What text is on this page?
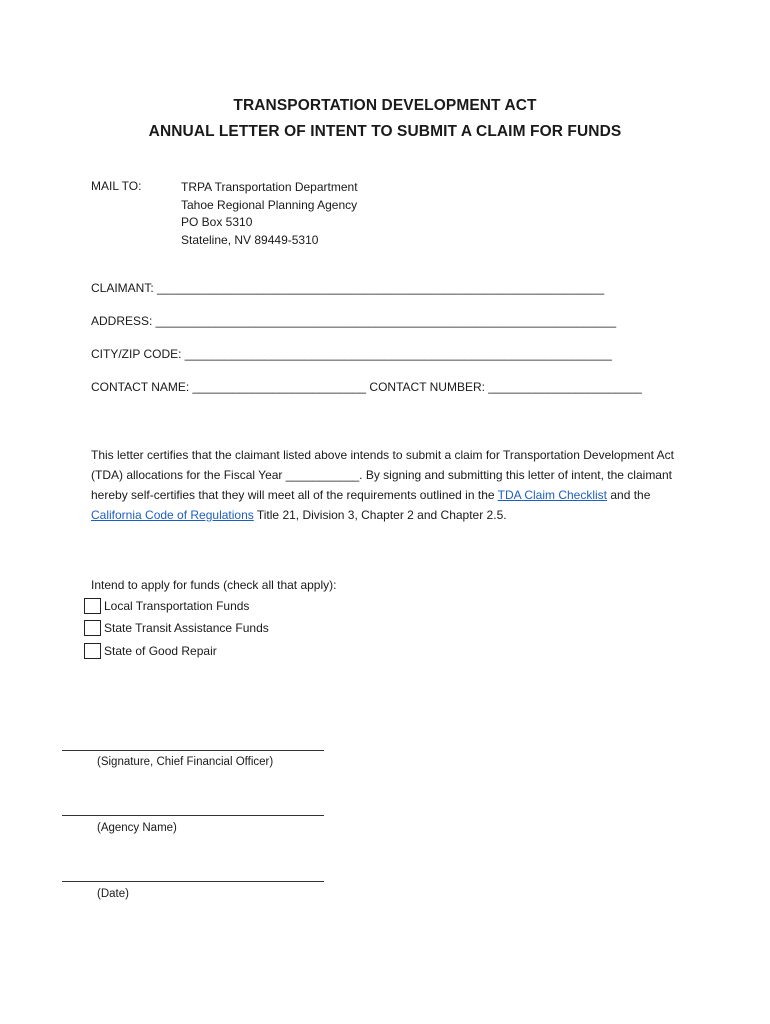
TRANSPORTATION DEVELOPMENT ACT
ANNUAL LETTER OF INTENT TO SUBMIT A CLAIM FOR FUNDS
MAIL TO:	TRPA Transportation Department
Tahoe Regional Planning Agency
PO Box 5310
Stateline, NV 89449-5310
CLAIMANT: ___________________________________________________________________
ADDRESS: _____________________________________________________________________
CITY/ZIP CODE: ________________________________________________________________
CONTACT NAME: __________________________ CONTACT NUMBER: _______________________
This letter certifies that the claimant listed above intends to submit a claim for Transportation Development Act (TDA) allocations for the Fiscal Year ___________. By signing and submitting this letter of intent, the claimant hereby self-certifies that they will meet all of the requirements outlined in the TDA Claim Checklist and the California Code of Regulations Title 21, Division 3, Chapter 2 and Chapter 2.5.
Intend to apply for funds (check all that apply):
Local Transportation Funds
State Transit Assistance Funds
State of Good Repair
(Signature, Chief Financial Officer)
(Agency Name)
(Date)
